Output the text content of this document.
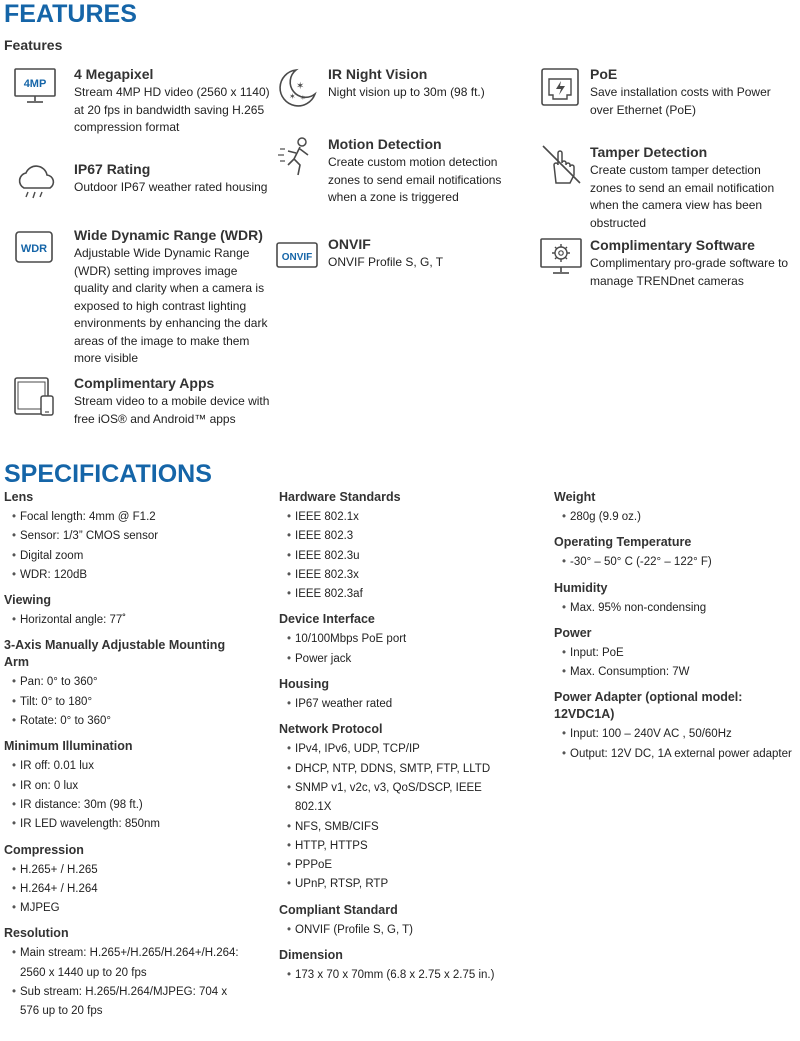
FEATURES
Features
4MP
4 Megapixel
Stream 4MP HD video (2560 x 1140) at 20 fps in bandwidth saving H.265 compression format
IP67 Rating
Outdoor IP67 weather rated housing
WDR
Wide Dynamic Range (WDR)
Adjustable Wide Dynamic Range (WDR) setting improves image quality and clarity when a camera is exposed to high contrast lighting environments by enhancing the dark areas of the image to make them more visible
Complimentary Apps
Stream video to a mobile device with free iOS® and Android™ apps
✶
✶ ✶
IR Night Vision
Night vision up to 30m (98 ft.)
Motion Detection
Create custom motion detection zones to send email notifications when a zone is triggered
ONVIF
ONVIF
ONVIF Profile S, G, T
PoE
Save installation costs with Power over Ethernet (PoE)
Tamper Detection
Create custom tamper detection zones to send an email notification when the camera view has been obstructed
Complimentary Software
Complimentary pro-grade software to manage TRENDnet cameras
SPECIFICATIONS
Lens
• Focal length: 4mm @ F1.2
• Sensor: 1/3” CMOS sensor
• Digital zoom
• WDR: 120dB
Viewing
• Horizontal angle: 77˚
3-Axis Manually Adjustable Mounting Arm
• Pan: 0° to 360°
• Tilt: 0° to 180°
• Rotate: 0° to 360°
Minimum Illumination
• IR off: 0.01 lux
• IR on: 0 lux
• IR distance: 30m (98 ft.)
• IR LED wavelength: 850nm
Compression
• H.265+ / H.265
• H.264+ / H.264
• MJPEG
Resolution
• Main stream: H.265+/H.265/H.264+/H.264: 2560 x 1440 up to 20 fps
• Sub stream: H.265/H.264/MJPEG: 704 x 576 up to 20 fps
Hardware Standards
• IEEE 802.1x
• IEEE 802.3
• IEEE 802.3u
• IEEE 802.3x
• IEEE 802.3af
Device Interface
• 10/100Mbps PoE port
• Power jack
Housing
• IP67 weather rated
Network Protocol
• IPv4, IPv6, UDP, TCP/IP
• DHCP, NTP, DDNS, SMTP, FTP, LLTD
• SNMP v1, v2c, v3, QoS/DSCP, IEEE 802.1X
• NFS, SMB/CIFS
• HTTP, HTTPS
• PPPoE
• UPnP, RTSP, RTP
Compliant Standard
• ONVIF (Profile S, G, T)
Dimension
• 173 x 70 x 70mm (6.8 x 2.75 x 2.75 in.)
Weight
• 280g (9.9 oz.)
Operating Temperature
• -30° – 50° C (-22° – 122° F)
Humidity
• Max. 95% non-condensing
Power
• Input: PoE
• Max. Consumption: 7W
Power Adapter (optional model: 12VDC1A)
• Input: 100 – 240V AC , 50/60Hz
• Output: 12V DC, 1A external power adapter
